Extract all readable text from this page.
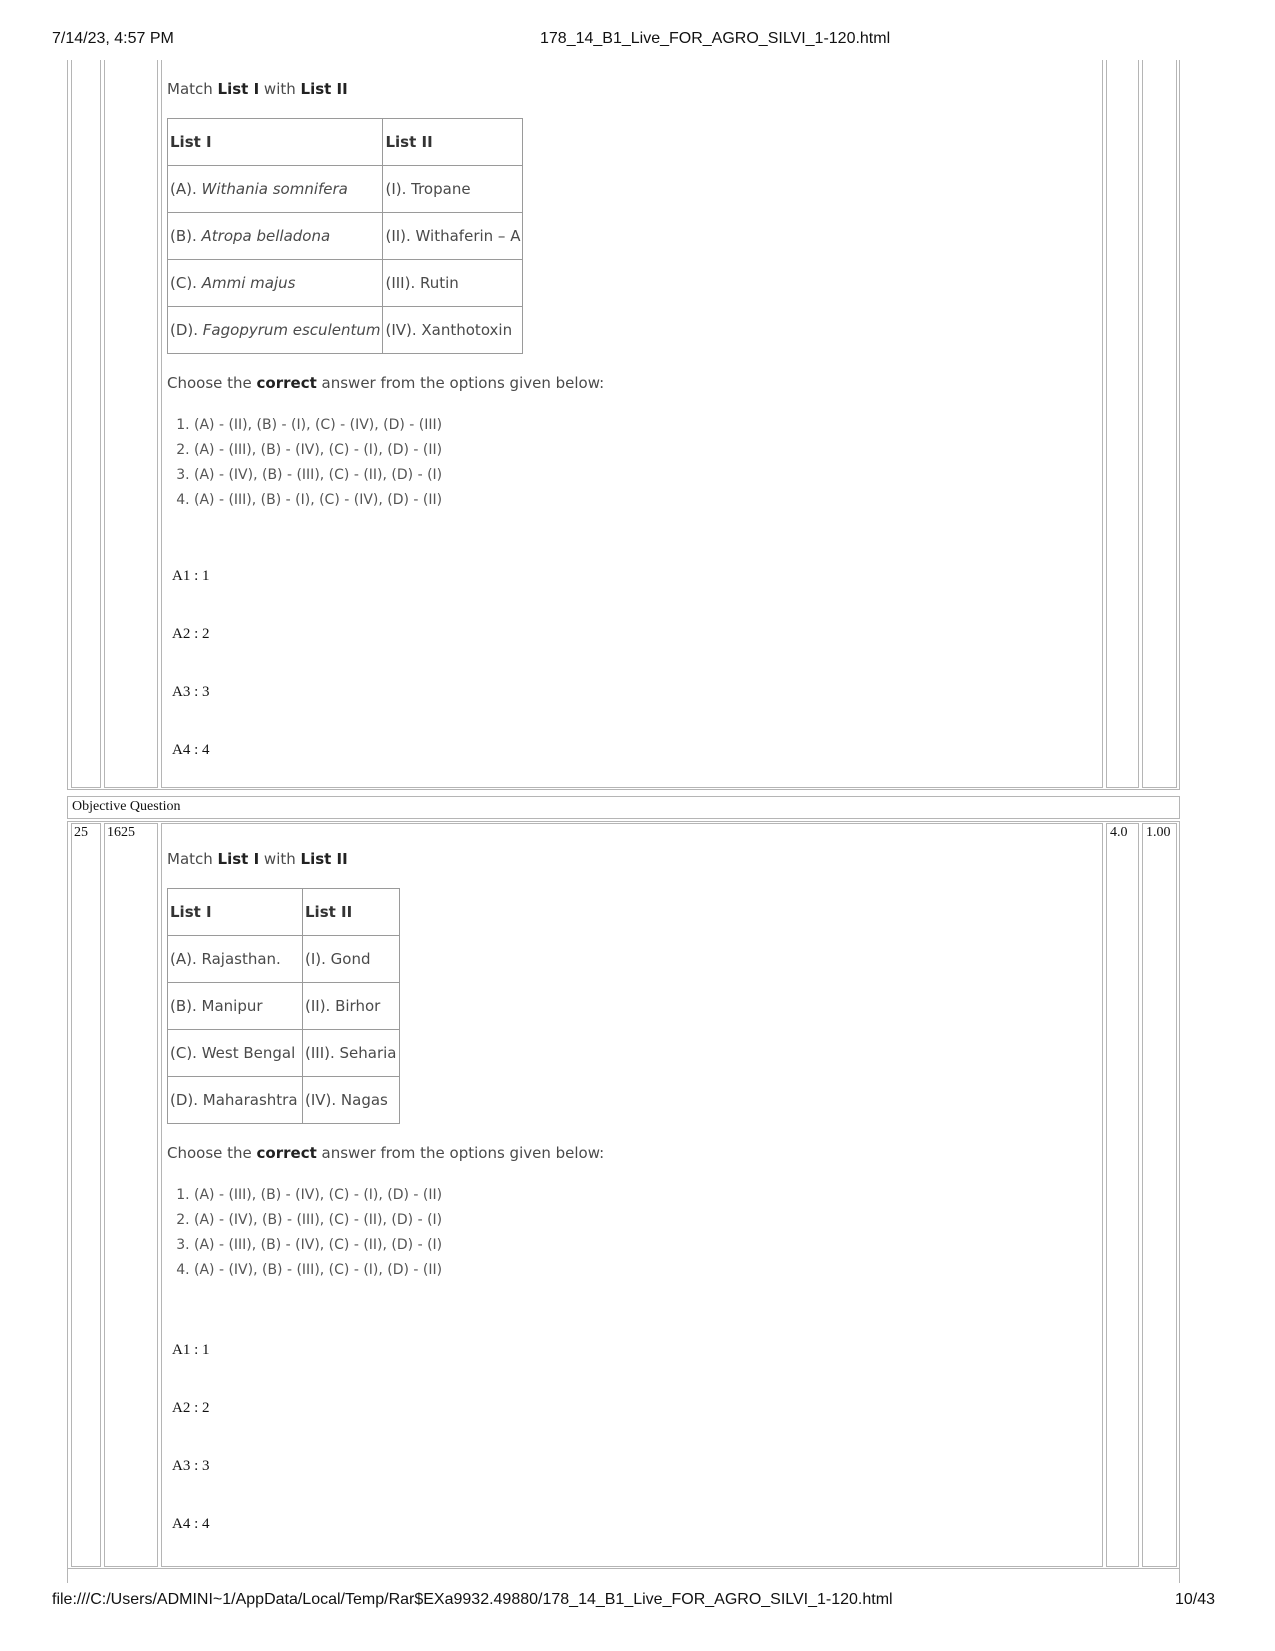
7/14/23, 4:57 PM	178_14_B1_Live_FOR_AGRO_SILVI_1-120.html
Match List I with List II
List I	List II
(A). Withania somnifera	(I). Tropane
(B). Atropa belladona	(II). Withaferin – A
(C). Ammi majus	(III). Rutin
(D). Fagopyrum esculentum	(IV). Xanthotoxin
Choose the correct answer from the options given below:
1. (A) - (II), (B) - (I), (C) - (IV), (D) - (III)
2. (A) - (III), (B) - (IV), (C) - (I), (D) - (II)
3. (A) - (IV), (B) - (III), (C) - (II), (D) - (I)
4. (A) - (III), (B) - (I), (C) - (IV), (D) - (II)
A1 : 1
A2 : 2
A3 : 3
A4 : 4
Objective Question
25 1625	4.0 1.00
Match List I with List II
List I	List II
(A). Rajasthan.	(I). Gond
(B). Manipur	(II). Birhor
(C). West Bengal	(III). Seharia
(D). Maharashtra	(IV). Nagas
Choose the correct answer from the options given below:
1. (A) - (III), (B) - (IV), (C) - (I), (D) - (II)
2. (A) - (IV), (B) - (III), (C) - (II), (D) - (I)
3. (A) - (III), (B) - (IV), (C) - (II), (D) - (I)
4. (A) - (IV), (B) - (III), (C) - (I), (D) - (II)
A1 : 1
A2 : 2
A3 : 3
A4 : 4
file:///C:/Users/ADMINI~1/AppData/Local/Temp/Rar$EXa9932.49880/178_14_B1_Live_FOR_AGRO_SILVI_1-120.html	10/43
